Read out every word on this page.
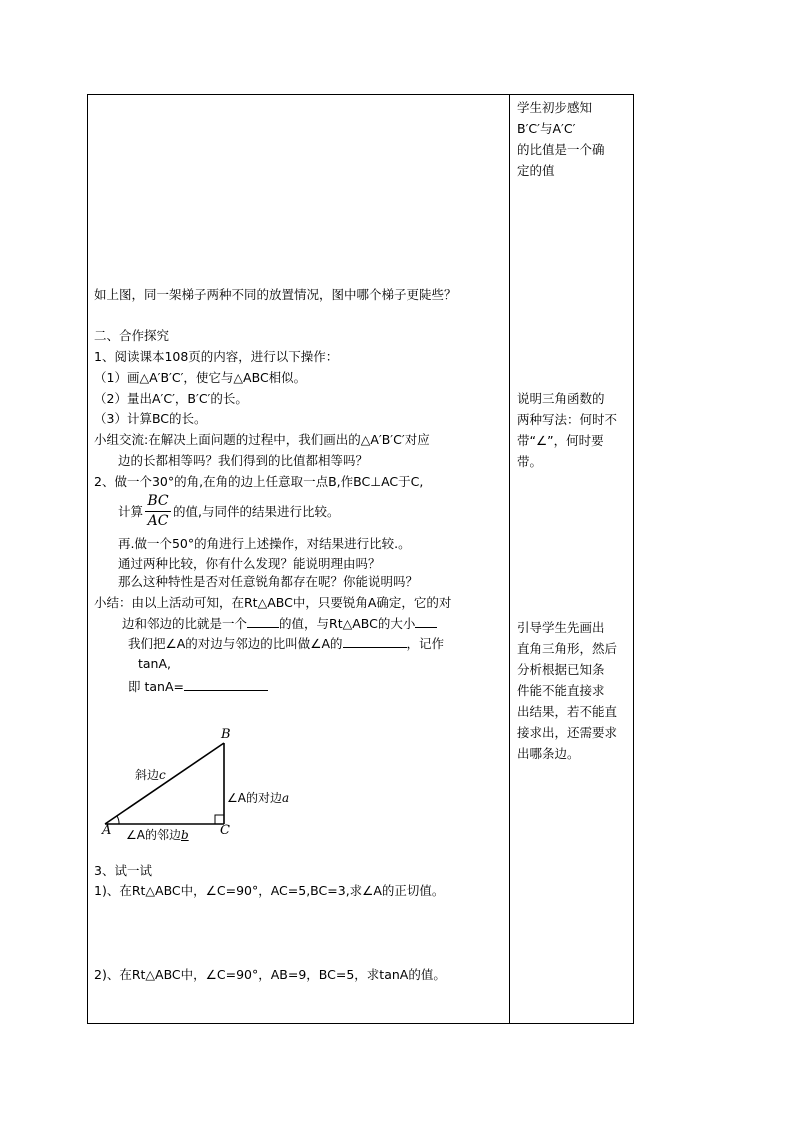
学生初步感知
B′C′与A′C′
的比值是一个确
定的值
说明三角函数的
两种写法：何时不
带“∠”，何时要
带。
引导学生先画出
直角三角形，然后
分析根据已知条
件能不能直接求
出结果，若不能直
接求出，还需要求
出哪条边。
如上图，同一架梯子两种不同的放置情况，图中哪个梯子更陡些？
二、合作探究
1、阅读课本108页的内容，进行以下操作：
（1）画△A′B′C′，使它与△ABC相似。
（2）量出A′C′，B′C′的长。
（3）计算BC的长。
小组交流:在解决上面问题的过程中，我们画出的△A′B′C′对应
边的长都相等吗？我们得到的比值都相等吗？
2、做一个30°的角,在角的边上任意取一点B,作BC⊥AC于C,
计算
BC
AC
的值,与同伴的结果进行比较。
再.做一个50°的角进行上述操作，对结果进行比较.。
通过两种比较，你有什么发现？能说明理由吗？
那么这种特性是否对任意锐角都存在呢？你能说明吗？
小结：由以上活动可知，在Rt△ABC中，只要锐角A确定，它的对
边和邻边的比就是一个	的值，与Rt△ABC的大小
我们把∠A的对边与邻边的比叫做∠A的	，记作
tanA,
即 tanA=
B
A	C
斜边c
∠A的对边a
∠A的邻边b
3、试一试
1)、在Rt△ABC中，∠C=90°，AC=5,BC=3,求∠A的正切值。
2)、在Rt△ABC中，∠C=90°，AB=9，BC=5，求tanA的值。
